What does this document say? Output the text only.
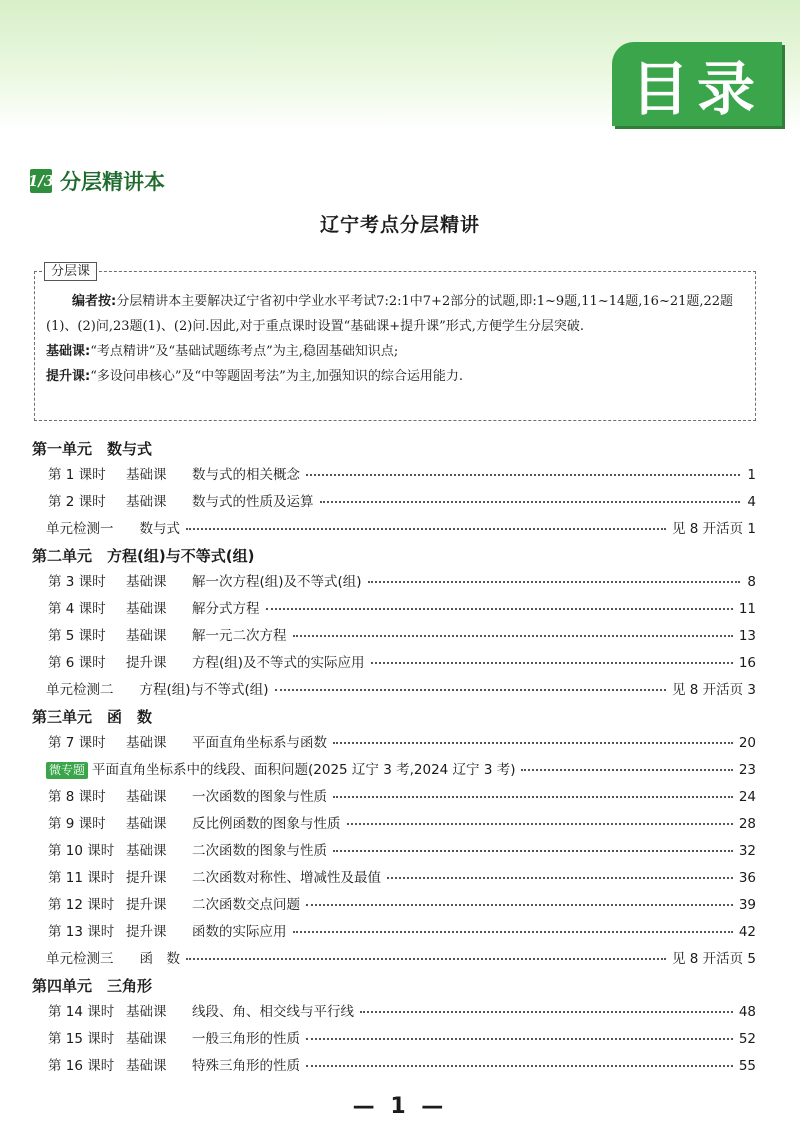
目录
1/3 分层精讲本
辽宁考点分层精讲
分层课

编者按:分层精讲本主要解决辽宁省初中学业水平考试7:2:1中7+2部分的试题,即:1~9题,11~14题,16~21题,22题(1)、(2)问,23题(1)、(2)问.因此,对于重点课时设置“基础课+提升课”形式,方便学生分层突破.

基础课:“考点精讲”及“基础试题练考点”为主,稳固基础知识点;

提升课:“多设问串核心”及“中等题固考法”为主,加强知识的综合运用能力.

第一单元　数与式
第 1 课时	基础课	数与式的相关概念	1
第 2 课时	基础课	数与式的性质及运算	4
单元检测一 数与式	见 8 开活页 1
第二单元　方程(组)与不等式(组)
第 3 课时	基础课	解一次方程(组)及不等式(组)	8
第 4 课时	基础课	解分式方程	11
第 5 课时	基础课	解一元二次方程	13
第 6 课时	提升课	方程(组)及不等式的实际应用	16
单元检测二 方程(组)与不等式(组)	见 8 开活页 3
第三单元　函　数
第 7 课时	基础课	平面直角坐标系与函数	20
微专题 平面直角坐标系中的线段、面积问题(2025 辽宁 3 考,2024 辽宁 3 考)	23
第 8 课时	基础课	一次函数的图象与性质	24
第 9 课时	基础课	反比例函数的图象与性质	28
第 10 课时 基础课	二次函数的图象与性质	32
第 11 课时 提升课	二次函数对称性、增减性及最值	36
第 12 课时 提升课	二次函数交点问题	39
第 13 课时 提升课	函数的实际应用	42
单元检测三 函　数	见 8 开活页 5
第四单元　三角形
第 14 课时 基础课	线段、角、相交线与平行线	48
第 15 课时 基础课	一般三角形的性质	52
第 16 课时 基础课	特殊三角形的性质	55
— 1 —
